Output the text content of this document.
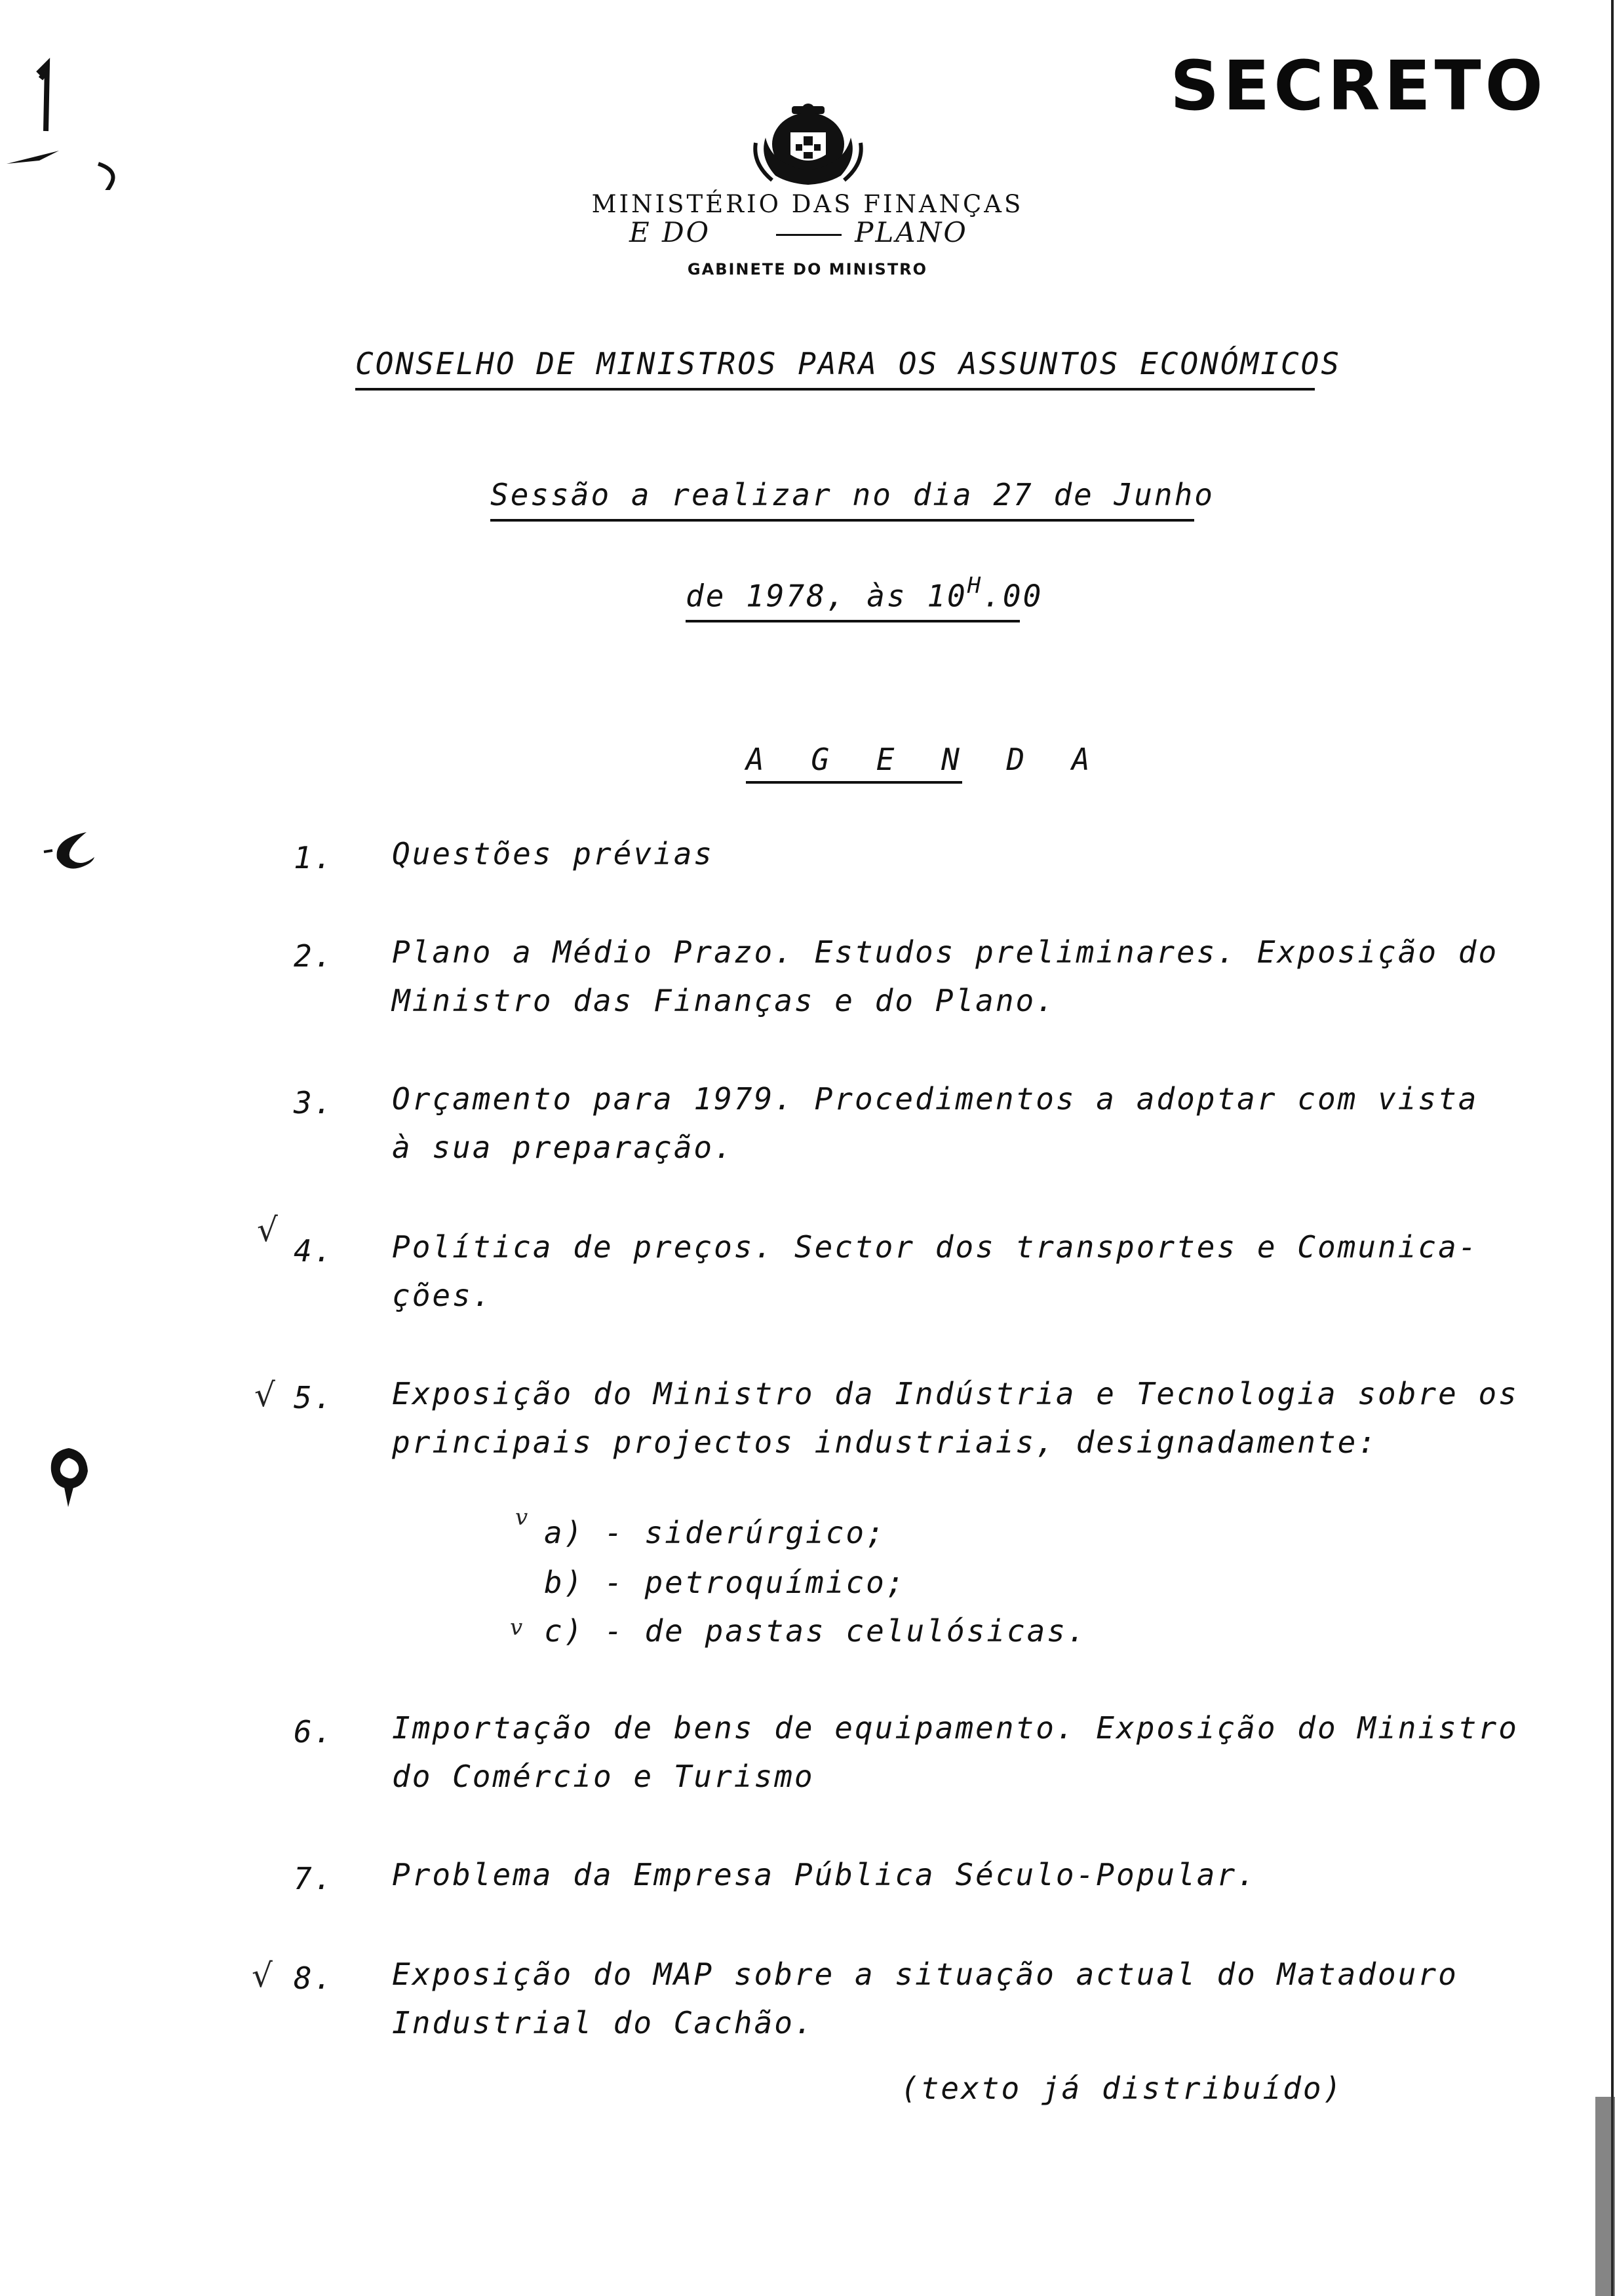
SECRETO
MINISTÉRIO DAS FINANÇAS
E DO	PLANO
GABINETE DO MINISTRO
CONSELHO DE MINISTROS PARA OS ASSUNTOS ECONÓMICOS
Sessão a realizar no dia 27 de Junho
de 1978, às $10^H.00$
A G E N D A
1.	Questões prévias
2.	Plano a Médio Prazo. Estudos preliminares. Exposição do
Ministro das Finanças e do Plano.
3.	Orçamento para 1979. Procedimentos a adoptar com vista
à sua preparação.
√
4.	Política de preços. Sector dos transportes e Comunica-
ções.
√ 5.	Exposição do Ministro da Indústria e Tecnologia sobre os
principais projectos industriais, designadamente:
v a) - siderúrgico;
b) - petroquímico;
v c) - de pastas celulósicas.
6.	Importação de bens de equipamento. Exposição do Ministro
do Comércio e Turismo
7.	Problema da Empresa Pública Século-Popular.
√ 8.	Exposição do MAP sobre a situação actual do Matadouro
Industrial do Cachão.
(texto já distribuído)
